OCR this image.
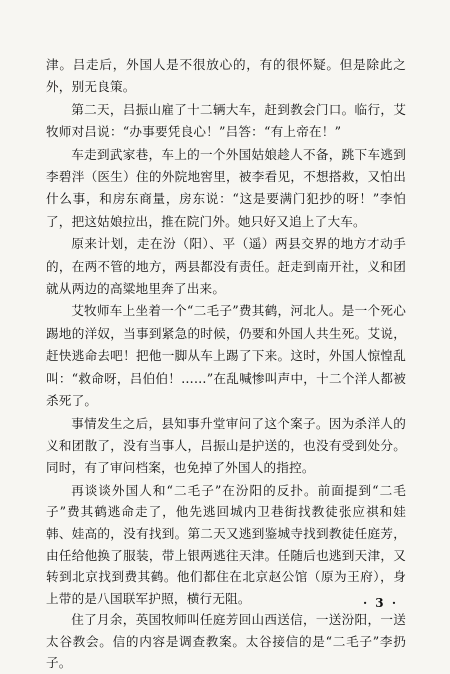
津。吕走后，外国人是不很放心的，有的很怀疑。但是除此之外，别无良策。

第二天，吕振山雇了十二辆大车，赶到教会门口。临行，艾牧师对吕说：“办事要凭良心！”吕答：“有上帝在！”

车走到武家巷，车上的一个外国姑娘趁人不备，跳下车逃到李碧泮（医生）住的外院地窖里，被李看见，不想搭救，又怕出什么事，和房东商量，房东说：“这是要满门犯抄的呀！”李怕了，把这姑娘拉出，推在院门外。她只好又追上了大车。

原来计划，走在汾（阳）、平（遥）两县交界的地方才动手的，在两不管的地方，两县都没有责任。赶走到南开社，义和团就从两边的高粱地里奔了出来。

艾牧师车上坐着一个“二毛子”费其鹤，河北人。是一个死心踢地的洋奴，当事到紧急的时候，仍要和外国人共生死。艾说，赶快逃命去吧！把他一脚从车上踢了下来。这时，外国人惊惶乱叫：“救命呀，吕伯伯！……”在乱喊惨叫声中，十二个洋人都被杀死了。

事情发生之后，县知事升堂审问了这个案子。因为杀洋人的义和团散了，没有当事人，吕振山是护送的，也没有受到处分。同时，有了审问档案，也免掉了外国人的指控。

再谈谈外国人和“二毛子”在汾阳的反扑。前面提到“二毛子”费其鹤逃命走了，他先逃回城内卫巷街找教徒张应祺和娃韩、娃高的，没有找到。第二天又逃到鉴城寺找到教徒任庭芳，由任给他换了服装，带上银两逃往天津。任随后也逃到天津，又转到北京找到费其鹤。他们都住在北京赵公馆（原为王府），身上带的是八国联军护照，横行无阻。

住了月余，英国牧师叫任庭芳回山西送信，一送汾阳，一送太谷教会。信的内容是调查教案。太谷接信的是“二毛子”李扔子。

· 3 ·
